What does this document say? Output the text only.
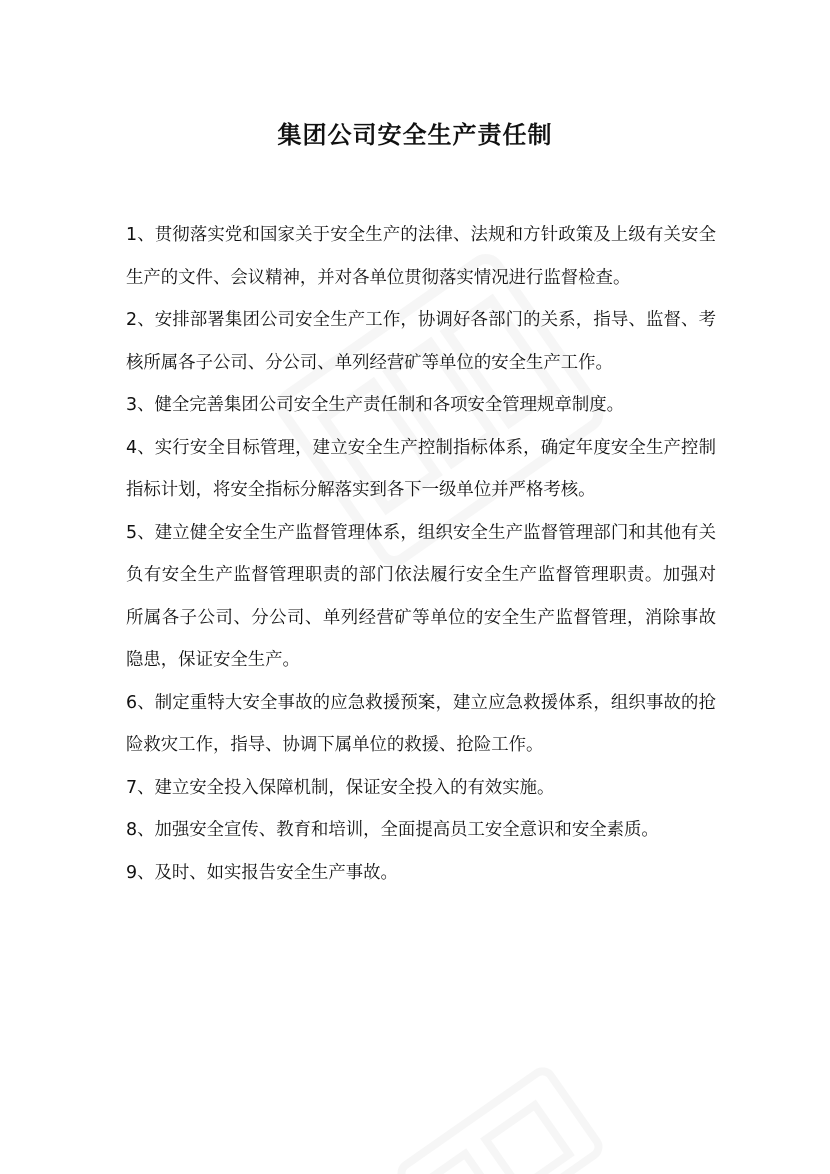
集团公司安全生产责任制

1、贯彻落实党和国家关于安全生产的法律、法规和方针政策及上级有关安全生产的文件、会议精神，并对各单位贯彻落实情况进行监督检查。

2、安排部署集团公司安全生产工作，协调好各部门的关系，指导、监督、考核所属各子公司、分公司、单列经营矿等单位的安全生产工作。

3、健全完善集团公司安全生产责任制和各项安全管理规章制度。

4、实行安全目标管理，建立安全生产控制指标体系，确定年度安全生产控制指标计划，将安全指标分解落实到各下一级单位并严格考核。

5、建立健全安全生产监督管理体系，组织安全生产监督管理部门和其他有关负有安全生产监督管理职责的部门依法履行安全生产监督管理职责。加强对所属各子公司、分公司、单列经营矿等单位的安全生产监督管理，消除事故隐患，保证安全生产。

6、制定重特大安全事故的应急救援预案，建立应急救援体系，组织事故的抢险救灾工作，指导、协调下属单位的救援、抢险工作。

7、建立安全投入保障机制，保证安全投入的有效实施。

8、加强安全宣传、教育和培训，全面提高员工安全意识和安全素质。

9、及时、如实报告安全生产事故。
